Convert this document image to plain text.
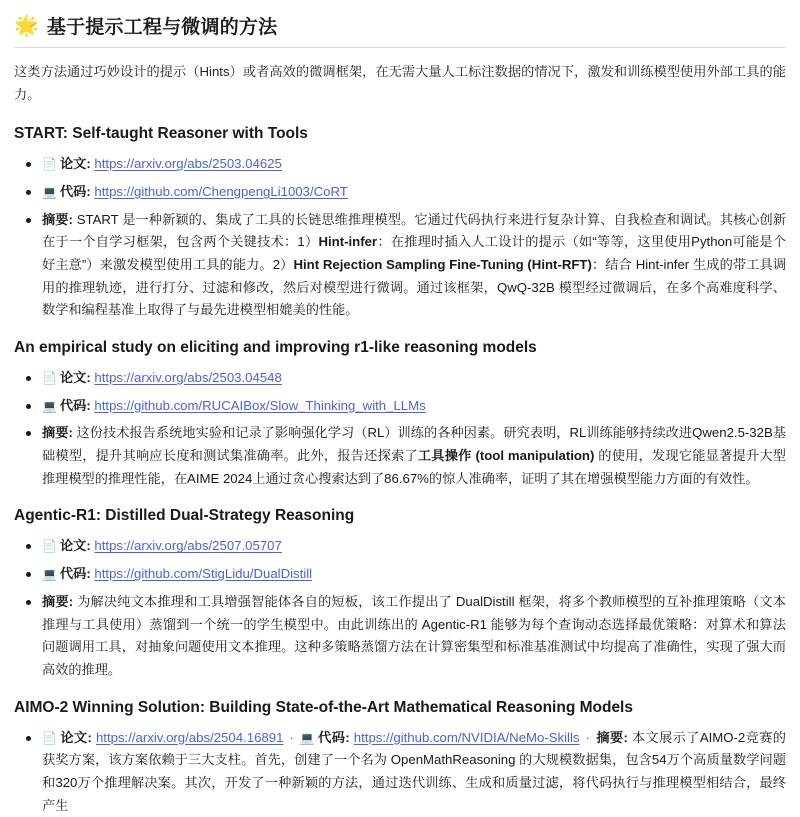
🌟 基于提示工程与微调的方法

这类方法通过巧妙设计的提示（Hints）或者高效的微调框架，在无需大量人工标注数据的情况下，激发和训练模型使用外部工具的能力。

START: Self-taught Reasoner with Tools
📄 论文: https://arxiv.org/abs/2503.04625
💻 代码: https://github.com/ChengpengLi1003/CoRT
摘要: START 是一种新颖的、集成了工具的长链思维推理模型。它通过代码执行来进行复杂计算、自我检查和调试。其核心创新在于一个自学习框架，包含两个关键技术：1）Hint-infer：在推理时插入人工设计的提示（如“等等，这里使用Python可能是个好主意”）来激发模型使用工具的能力。2）Hint Rejection Sampling Fine-Tuning (Hint-RFT)：结合 Hint-infer 生成的带工具调用的推理轨迹，进行打分、过滤和修改，然后对模型进行微调。通过该框架，QwQ-32B 模型经过微调后，在多个高难度科学、数学和编程基准上取得了与最先进模型相媲美的性能。
An empirical study on eliciting and improving r1-like reasoning models
📄 论文: https://arxiv.org/abs/2503.04548
💻 代码: https://github.com/RUCAIBox/Slow_Thinking_with_LLMs
摘要: 这份技术报告系统地实验和记录了影响强化学习（RL）训练的各种因素。研究表明，RL训练能够持续改进Qwen2.5-32B基础模型，提升其响应长度和测试集准确率。此外，报告还探索了工具操作 (tool manipulation) 的使用，发现它能显著提升大型推理模型的推理性能，在AIME 2024上通过贪心搜索达到了86.67%的惊人准确率，证明了其在增强模型能力方面的有效性。
Agentic-R1: Distilled Dual-Strategy Reasoning
📄 论文: https://arxiv.org/abs/2507.05707
💻 代码: https://github.com/StigLidu/DualDistill
摘要: 为解决纯文本推理和工具增强智能体各自的短板，该工作提出了 DualDistill 框架，将多个教师模型的互补推理策略（文本推理与工具使用）蒸馏到一个统一的学生模型中。由此训练出的 Agentic-R1 能够为每个查询动态选择最优策略：对算术和算法问题调用工具，对抽象问题使用文本推理。这种多策略蒸馏方法在计算密集型和标准基准测试中均提高了准确性，实现了强大而高效的推理。
AIMO-2 Winning Solution: Building State-of-the-Art Mathematical Reasoning Models
📄 论文: https://arxiv.org/abs/2504.16891 · 💻 代码: https://github.com/NVIDIA/NeMo-Skills · 摘要: 本文展示了AIMO-2竞赛的获奖方案，该方案依赖于三大支柱。首先，创建了一个名为 OpenMathReasoning 的大规模数据集，包含54万个高质量数学问题和320万个推理解决案。其次，开发了一种新颖的方法，通过迭代训练、生成和质量过滤，将代码执行与推理模型相结合，最终产生
